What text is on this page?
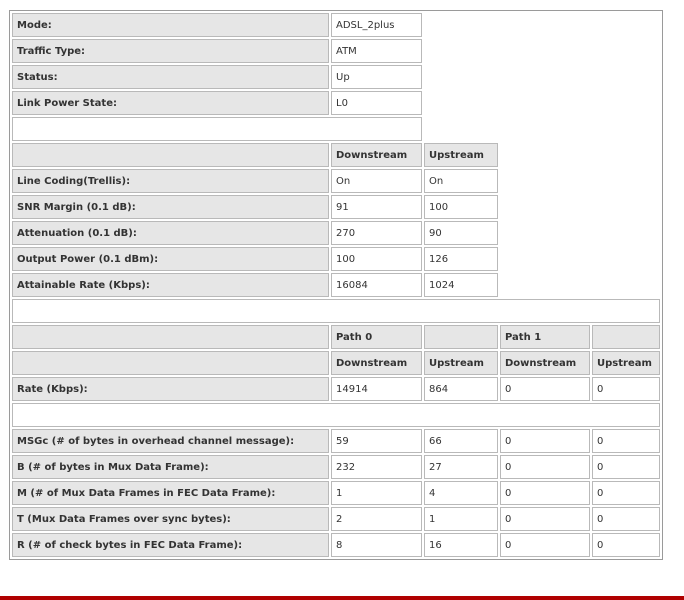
Mode:	ADSL_2plus			
Traffic Type:	ATM			
Status:	Up			
Link Power State:	L0			

	Downstream	Upstream		
Line Coding(Trellis):	On	On		
SNR Margin (0.1 dB):	91	100		
Attenuation (0.1 dB):	270	90		
Output Power (0.1 dBm):	100	126		
Attainable Rate (Kbps):	16084	1024		

	Path 0		Path 1	
	Downstream	Upstream	Downstream	Upstream
Rate (Kbps):	14914	864	0	0

MSGc (# of bytes in overhead channel message):	59	66	0	0
B (# of bytes in Mux Data Frame):	232	27	0	0
M (# of Mux Data Frames in FEC Data Frame):	1	4	0	0
T (Mux Data Frames over sync bytes):	2	1	0	0
R (# of check bytes in FEC Data Frame):	8	16	0	0
